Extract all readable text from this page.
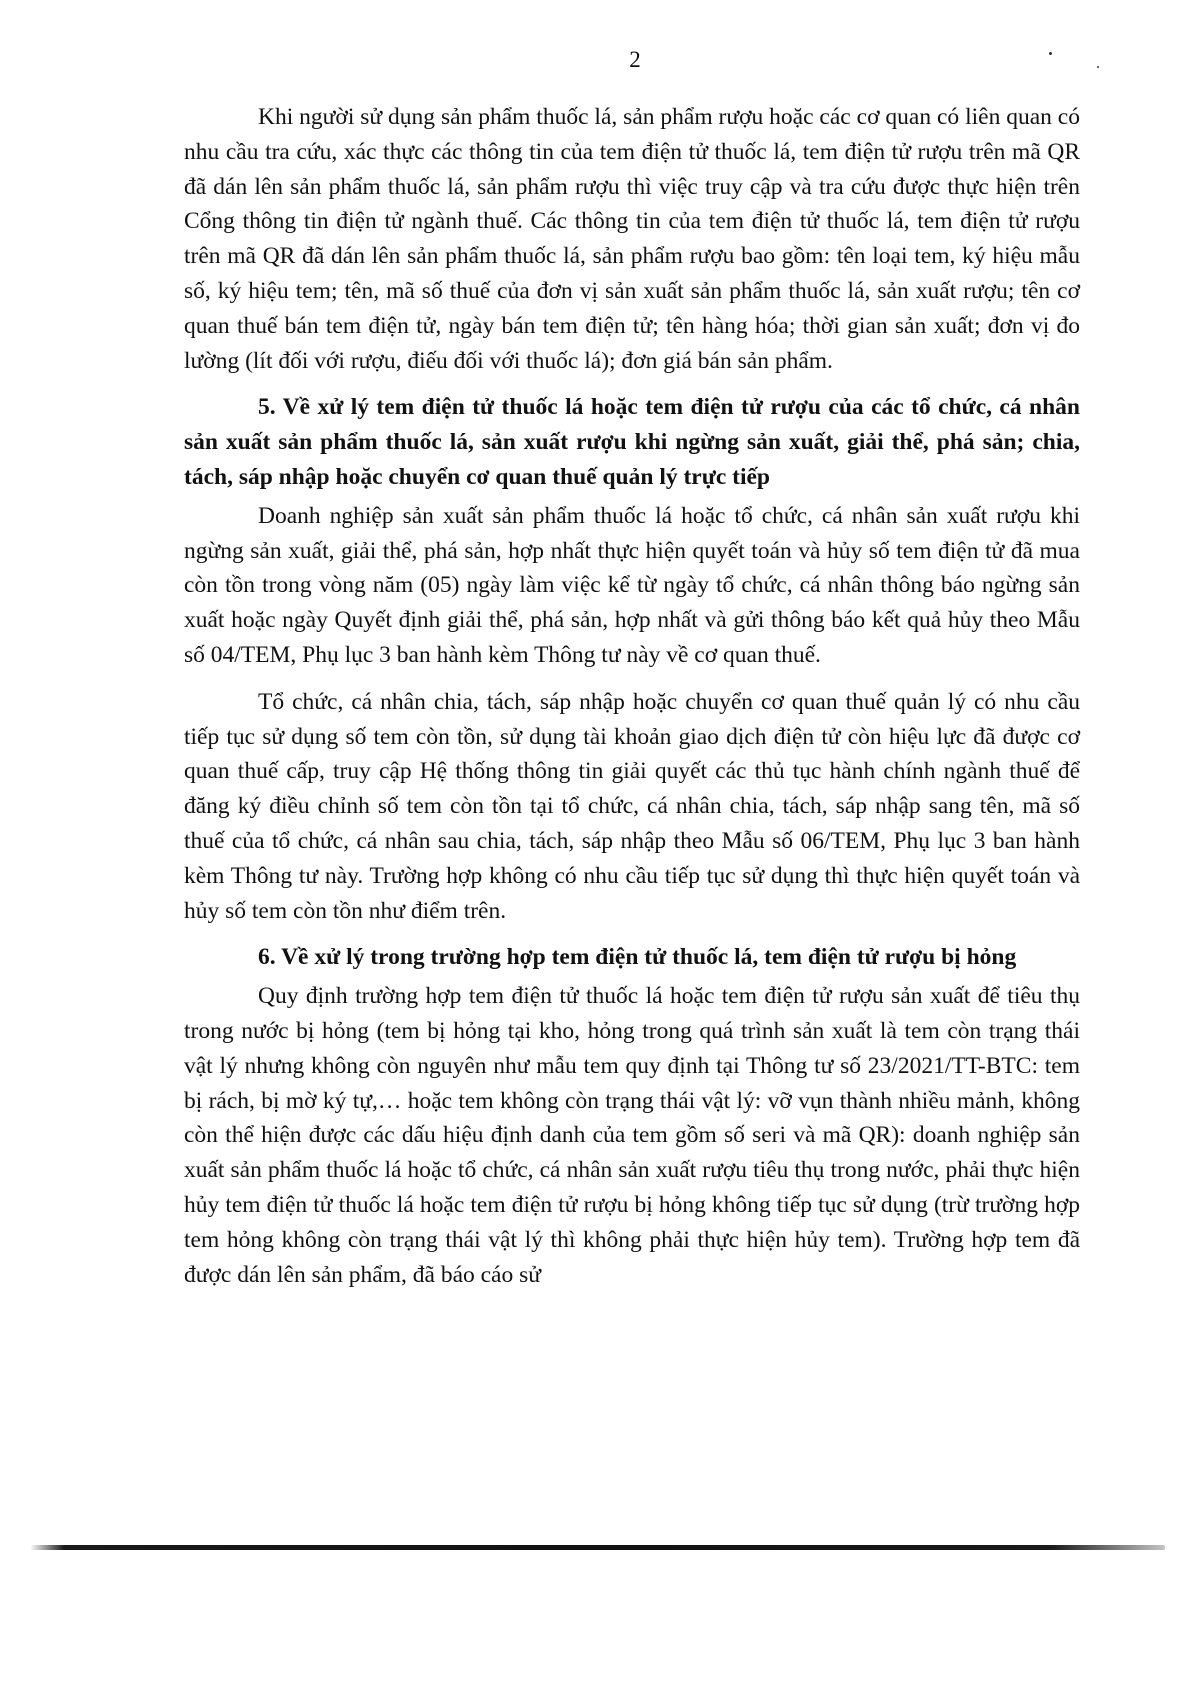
2

Khi người sử dụng sản phẩm thuốc lá, sản phẩm rượu hoặc các cơ quan có liên quan có nhu cầu tra cứu, xác thực các thông tin của tem điện tử thuốc lá, tem điện tử rượu trên mã QR đã dán lên sản phẩm thuốc lá, sản phẩm rượu thì việc truy cập và tra cứu được thực hiện trên Cổng thông tin điện tử ngành thuế. Các thông tin của tem điện tử thuốc lá, tem điện tử rượu trên mã QR đã dán lên sản phẩm thuốc lá, sản phẩm rượu bao gồm: tên loại tem, ký hiệu mẫu số, ký hiệu tem; tên, mã số thuế của đơn vị sản xuất sản phẩm thuốc lá, sản xuất rượu; tên cơ quan thuế bán tem điện tử, ngày bán tem điện tử; tên hàng hóa; thời gian sản xuất; đơn vị đo lường (lít đối với rượu, điếu đối với thuốc lá); đơn giá bán sản phẩm.

5. Về xử lý tem điện tử thuốc lá hoặc tem điện tử rượu của các tổ chức, cá nhân sản xuất sản phẩm thuốc lá, sản xuất rượu khi ngừng sản xuất, giải thể, phá sản; chia, tách, sáp nhập hoặc chuyển cơ quan thuế quản lý trực tiếp

Doanh nghiệp sản xuất sản phẩm thuốc lá hoặc tổ chức, cá nhân sản xuất rượu khi ngừng sản xuất, giải thể, phá sản, hợp nhất thực hiện quyết toán và hủy số tem điện tử đã mua còn tồn trong vòng năm (05) ngày làm việc kể từ ngày tổ chức, cá nhân thông báo ngừng sản xuất hoặc ngày Quyết định giải thể, phá sản, hợp nhất và gửi thông báo kết quả hủy theo Mẫu số 04/TEM, Phụ lục 3 ban hành kèm Thông tư này về cơ quan thuế.

Tổ chức, cá nhân chia, tách, sáp nhập hoặc chuyển cơ quan thuế quản lý có nhu cầu tiếp tục sử dụng số tem còn tồn, sử dụng tài khoản giao dịch điện tử còn hiệu lực đã được cơ quan thuế cấp, truy cập Hệ thống thông tin giải quyết các thủ tục hành chính ngành thuế để đăng ký điều chỉnh số tem còn tồn tại tổ chức, cá nhân chia, tách, sáp nhập sang tên, mã số thuế của tổ chức, cá nhân sau chia, tách, sáp nhập theo Mẫu số 06/TEM, Phụ lục 3 ban hành kèm Thông tư này. Trường hợp không có nhu cầu tiếp tục sử dụng thì thực hiện quyết toán và hủy số tem còn tồn như điểm trên.

6. Về xử lý trong trường hợp tem điện tử thuốc lá, tem điện tử rượu bị hỏng

Quy định trường hợp tem điện tử thuốc lá hoặc tem điện tử rượu sản xuất để tiêu thụ trong nước bị hỏng (tem bị hỏng tại kho, hỏng trong quá trình sản xuất là tem còn trạng thái vật lý nhưng không còn nguyên như mẫu tem quy định tại Thông tư số 23/2021/TT-BTC: tem bị rách, bị mờ ký tự,… hoặc tem không còn trạng thái vật lý: vỡ vụn thành nhiều mảnh, không còn thể hiện được các dấu hiệu định danh của tem gồm số seri và mã QR): doanh nghiệp sản xuất sản phẩm thuốc lá hoặc tổ chức, cá nhân sản xuất rượu tiêu thụ trong nước, phải thực hiện hủy tem điện tử thuốc lá hoặc tem điện tử rượu bị hỏng không tiếp tục sử dụng (trừ trường hợp tem hỏng không còn trạng thái vật lý thì không phải thực hiện hủy tem). Trường hợp tem đã được dán lên sản phẩm, đã báo cáo sử
